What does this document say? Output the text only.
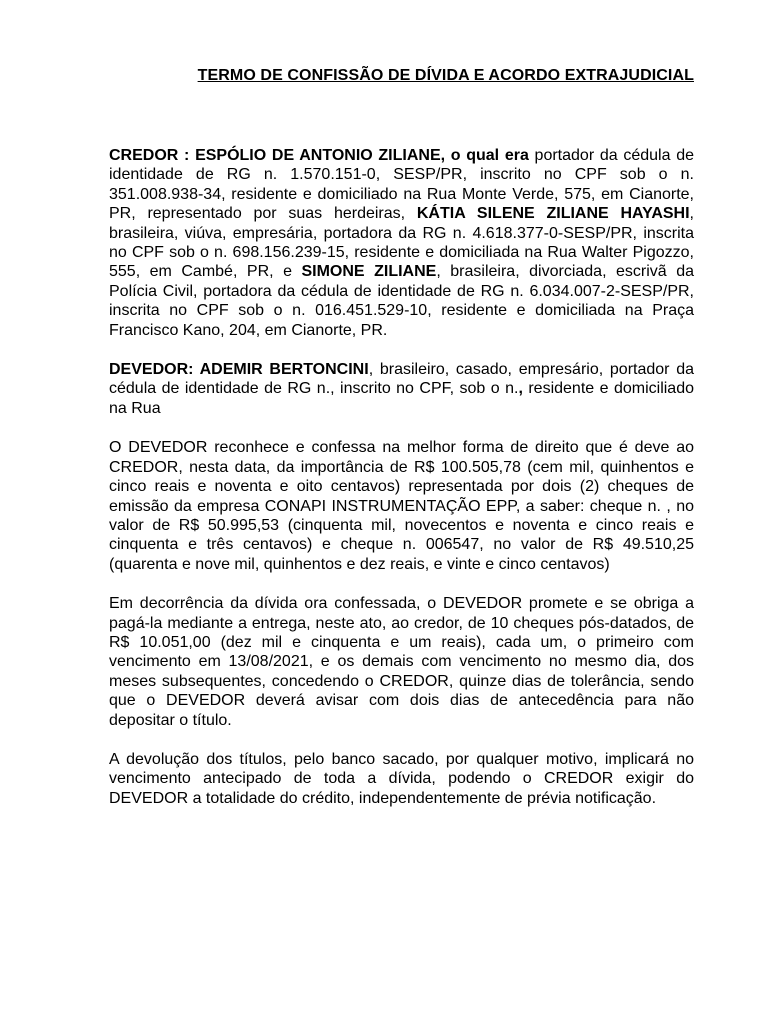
TERMO DE CONFISSÃO DE DÍVIDA E ACORDO EXTRAJUDICIAL

CREDOR : ESPÓLIO DE ANTONIO ZILIANE, o qual era portador da cédula de identidade de RG n. 1.570.151-0, SESP/PR, inscrito no CPF sob o n. 351.008.938-34, residente e domiciliado na Rua Monte Verde, 575, em Cianorte, PR, representado por suas herdeiras, KÁTIA SILENE ZILIANE HAYASHI, brasileira, viúva, empresária, portadora da RG n. 4.618.377-0-SESP/PR, inscrita no CPF sob o n. 698.156.239-15, residente e domiciliada na Rua Walter Pigozzo, 555, em Cambé, PR, e SIMONE ZILIANE, brasileira, divorciada, escrivã da Polícia Civil, portadora da cédula de identidade de RG n. 6.034.007-2-SESP/PR, inscrita no CPF sob o n. 016.451.529-10, residente e domiciliada na Praça Francisco Kano, 204, em Cianorte, PR.

DEVEDOR: ADEMIR BERTONCINI, brasileiro, casado, empresário, portador da cédula de identidade de RG n., inscrito no CPF, sob o n., residente e domiciliado na Rua

O DEVEDOR reconhece e confessa na melhor forma de direito que é deve ao CREDOR, nesta data, da importância de R$ 100.505,78 (cem mil, quinhentos e cinco reais e noventa e oito centavos) representada por dois (2) cheques de emissão da empresa CONAPI INSTRUMENTAÇÃO EPP, a saber: cheque n. , no valor de R$ 50.995,53 (cinquenta mil, novecentos e noventa e cinco reais e cinquenta e três centavos) e cheque n. 006547, no valor de R$ 49.510,25 (quarenta e nove mil, quinhentos e dez reais, e vinte e cinco centavos)

Em decorrência da dívida ora confessada, o DEVEDOR promete e se obriga a pagá-la mediante a entrega, neste ato, ao credor, de 10 cheques pós-datados, de R$ 10.051,00 (dez mil e cinquenta e um reais), cada um, o primeiro com vencimento em 13/08/2021, e os demais com vencimento no mesmo dia, dos meses subsequentes, concedendo o CREDOR, quinze dias de tolerância, sendo que o DEVEDOR deverá avisar com dois dias de antecedência para não depositar o título.

A devolução dos títulos, pelo banco sacado, por qualquer motivo, implicará no vencimento antecipado de toda a dívida, podendo o CREDOR exigir do DEVEDOR a totalidade do crédito, independentemente de prévia notificação.
